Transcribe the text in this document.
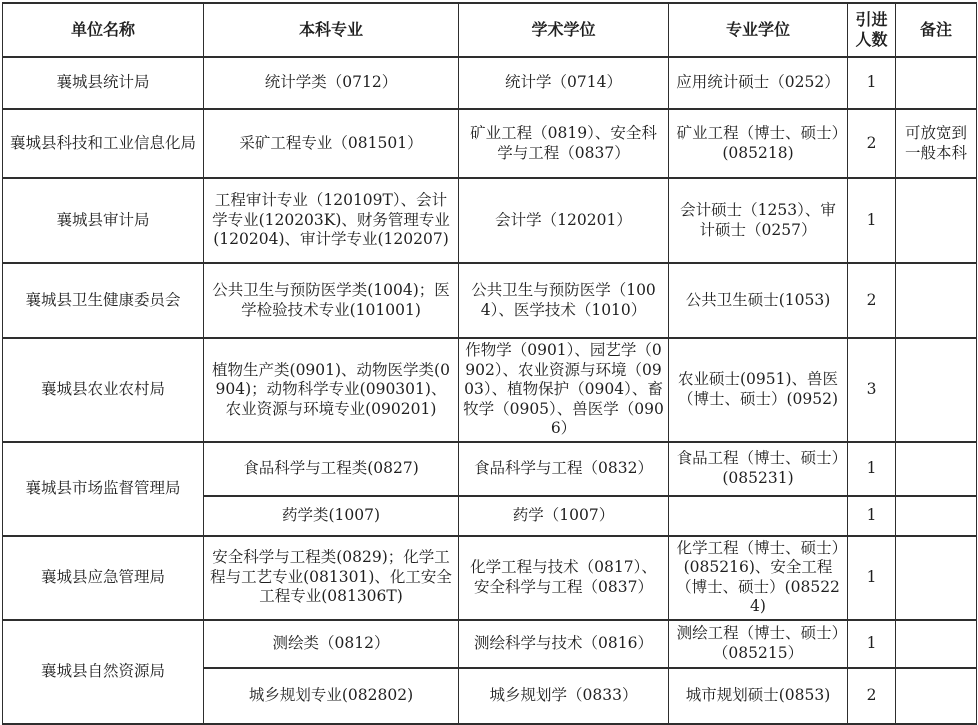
单位名称	本科专业	学术学位	专业学位	引进人数	备注
襄城县统计局	统计学类（0712）	统计学（0714）	应用统计硕士（0252）	1	
襄城县科技和工业信息化局	采矿工程专业（081501）	矿业工程（0819）、安全科学与工程（0837）	矿业工程（博士、硕士）(085218)	2	可放宽到一般本科
襄城县审计局	工程审计专业（120109T）、会计学专业(120203K)、财务管理专业(120204)、审计学专业(120207)	会计学（120201）	会计硕士（1253）、审计硕士（0257）	1	
襄城县卫生健康委员会	公共卫生与预防医学类(1004)；医学检验技术专业(101001)	公共卫生与预防医学（1004）、医学技术（1010）	公共卫生硕士(1053)	2	
襄城县农业农村局	植物生产类(0901)、动物医学类(0904)；动物科学专业(090301)、农业资源与环境专业(090201)	作物学（0901）、园艺学（0902）、农业资源与环境（0903）、植物保护（0904）、畜牧学（0905）、兽医学（0906）	农业硕士(0951)、兽医（博士、硕士）(0952)	3	
襄城县市场监督管理局	食品科学与工程类(0827)	食品科学与工程（0832）	食品工程（博士、硕士）(085231)	1	
	药学类(1007)	药学（1007）		1	
襄城县应急管理局	安全科学与工程类(0829)；化学工程与工艺专业(081301)、化工安全工程专业(081306T)	化学工程与技术（0817）、安全科学与工程（0837）	化学工程（博士、硕士）(085216)、安全工程（博士、硕士）(085224)	1	
襄城县自然资源局	测绘类（0812）	测绘科学与技术（0816）	测绘工程（博士、硕士）（085215）	1	
	城乡规划专业(082802)	城乡规划学（0833）	城市规划硕士(0853)	2	
